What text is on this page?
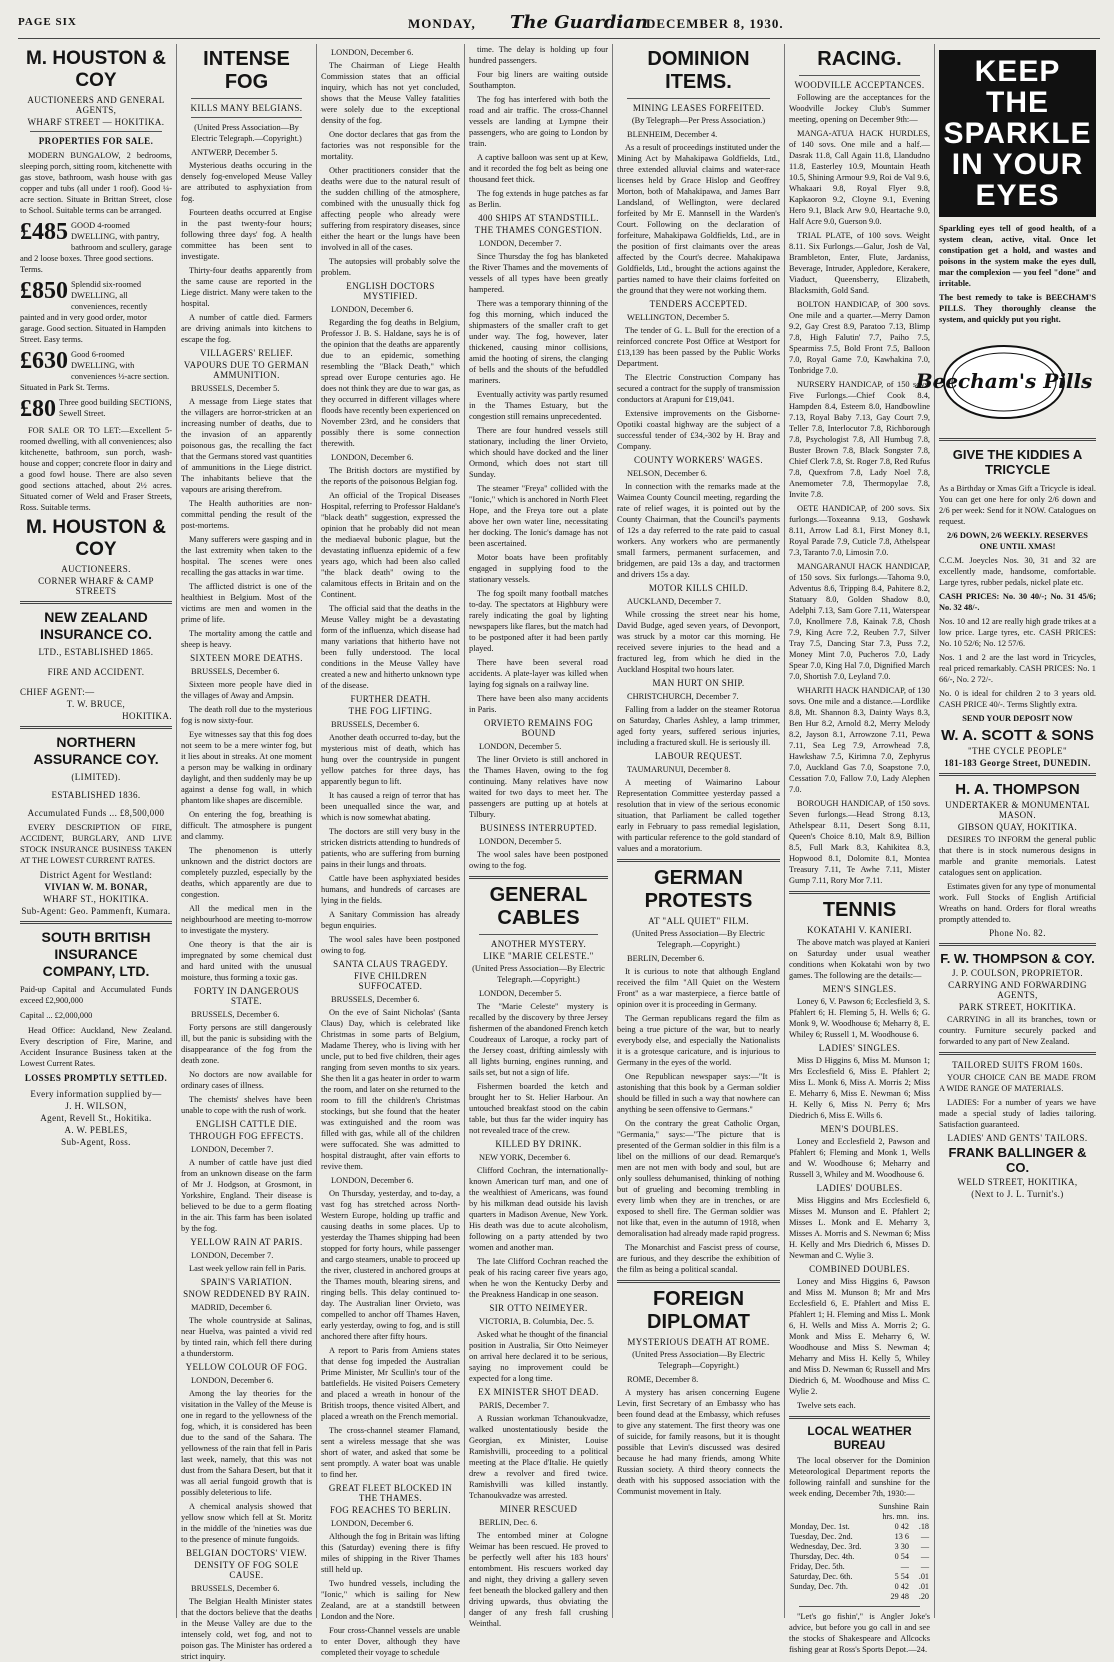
PAGE SIX	MONDAY, The Guardian
DECEMBER 8, 1930.
M. HOUSTON & COY
AUCTIONEERS AND GENERAL AGENTS,
WHARF STREET — HOKITIKA.
PROPERTIES FOR SALE.

MODERN BUNGALOW, 2 bedrooms, sleeping porch, sitting room, kitchenette with gas stove, bathroom, wash house with gas copper and tubs (all under 1 roof). Good ¼-acre section. Situate in Brittan Street, close to School. Suitable terms can be arranged.

£485 GOOD 4-roomed DWELLING, with pantry, bathroom and scullery, garage and 2 loose boxes. Three good sections. Terms.
£850 Splendid six-roomed DWELLING, all conveniences, recently painted and in very good order, motor garage. Good section. Situated in Hampden Street. Easy terms.
£630 Good 6-roomed DWELLING, with conveniences ½-acre section. Situated in Park St. Terms.
£80 Three good building SECTIONS, Sewell Street.

FOR SALE OR TO LET:—Excellent 5-roomed dwelling, with all conveniences; also kitchenette, bathroom, sun porch, wash-house and copper; concrete floor in dairy and a good fowl house. There are also seven good sections attached, about 2½ acres. Situated corner of Weld and Fraser Streets, Ross. Suitable terms.

M. HOUSTON & COY
AUCTIONEERS.
CORNER WHARF & CAMP STREETS
NEW ZEALAND INSURANCE CO.
LTD., ESTABLISHED 1865.
FIRE AND ACCIDENT.
CHIEF AGENT:—
T. W. BRUCE,
HOKITIKA.
NORTHERN ASSURANCE COY.
(LIMITED).
ESTABLISHED 1836.
Accumulated Funds ... £8,500,000

EVERY DESCRIPTION OF FIRE, ACCIDENT, BURGLARY, AND LIVE STOCK INSURANCE BUSINESS TAKEN AT THE LOWEST CURRENT RATES.

District Agent for Westland:
VIVIAN W. M. BONAR,
WHARF ST., HOKITIKA.
Sub-Agent: Geo. Pammenft, Kumara.
SOUTH BRITISH INSURANCE COMPANY, LTD.

Paid-up Capital and Accumulated Funds exceed £2,900,000

Capital ... £2,000,000

Head Office: Auckland, New Zealand. Every description of Fire, Marine, and Accident Insurance Business taken at the Lowest Current Rates.

LOSSES PROMPTLY SETTLED.
Every information supplied by—
J. H. WILSON,
Agent, Revell St., Hokitika.
A. W. PEBLES,
Sub-Agent, Ross.
INTENSE FOG
KILLS MANY BELGIANS.

(United Press Association—By Electric Telegraph.—Copyright.)

ANTWERP, December 5.

Mysterious deaths occuring in the densely fog-enveloped Meuse Valley are attributed to asphyxiation from fog.

Fourteen deaths occurred at Engise in the past twenty-four hours; following three days' fog. A health committee has been sent to investigate.

Thirty-four deaths apparently from the same cause are reported in the Liege district. Many were taken to the hospital.

A number of cattle died. Farmers are driving animals into kitchens to escape the fog.

VILLAGERS' RELIEF.
VAPOURS DUE TO GERMAN AMMUNITION.
BRUSSELS, December 5.

A message from Liege states that the villagers are horror-stricken at an increasing number of deaths, due to the invasion of an apparently poisonous gas, the recalling the fact that the Germans stored vast quantities of ammunitions in the Liege district. The inhabitants believe that the vapours are arising therefrom.

The Health authorities are non-committal pending the result of the post-mortems.

Many sufferers were gasping and in the last extremity when taken to the hospital. The scenes were ones recalling the gas attacks in war time.

The afflicted district is one of the healthiest in Belgium. Most of the victims are men and women in the prime of life.

The mortality among the cattle and sheep is heavy.

SIXTEEN MORE DEATHS.
BRUSSELS, December 6.

Sixteen more people have died in the villages of Away and Ampsin.

The death roll due to the mysterious fog is now sixty-four.

Eye witnesses say that this fog does not seem to be a mere winter fog, but it lies about in streaks. At one moment a person may be walking in ordinary daylight, and then suddenly may be up against a dense fog wall, in which phantom like shapes are discernible.

On entering the fog, breathing is difficult. The atmosphere is pungent and clammy.

The phenomenon is utterly unknown and the district doctors are completely puzzled, especially by the deaths, which apparently are due to congestion.

All the medical men in the neighbourhood are meeting to-morrow to investigate the mystery.

One theory is that the air is impregnated by some chemical dust and hard united with the unusual moisture, thus forming a toxic gas.

FORTY IN DANGEROUS STATE.
BRUSSELS, December 6.

Forty persons are still dangerously ill, but the panic is subsiding with the disappearance of the fog from the death zone.

No doctors are now available for ordinary cases of illness.

The chemists' shelves have been unable to cope with the rush of work.

ENGLISH CATTLE DIE.
THROUGH FOG EFFECTS.
LONDON, December 7.

A number of cattle have just died from an unknown disease on the farm of Mr J. Hodgson, at Grosmont, in Yorkshire, England. Their disease is believed to be due to a germ floating in the air. This farm has been isolated by the fog.

YELLOW RAIN AT PARIS.
LONDON, December 7.

Last week yellow rain fell in Paris.

SPAIN'S VARIATION.
SNOW REDDENED BY RAIN.
MADRID, December 6.

The whole countryside at Salinas, near Huelva, was painted a vivid red by tinted rain, which fell there during a thunderstorm.

YELLOW COLOUR OF FOG.
LONDON, December 6.

Among the lay theories for the visitation in the Valley of the Meuse is one in regard to the yellowness of the fog, which, it is considered has been due to the sand of the Sahara. The yellowness of the rain that fell in Paris last week, namely, that this was not dust from the Sahara Desert, but that it was all aerial fungoid growth that is possibly deleterious to life.

A chemical analysis showed that yellow snow which fell at St. Moritz in the middle of the 'nineties was due to the presence of minute fungoids.

BELGIAN DOCTORS' VIEW.
DENSITY OF FOG SOLE CAUSE.
BRUSSELS, December 6.

The Belgian Health Minister states that the doctors believe that the deaths in the Meuse Valley are due to the intensely cold, wet fog, and not to poison gas. The Minister has ordered a strict inquiry.

LONDON, December 6.

The Chairman of Liege Health Commission states that an official inquiry, which has not yet concluded, shows that the Meuse Valley fatalities were solely due to the exceptional density of the fog.

One doctor declares that gas from the factories was not responsible for the mortality.

Other practitioners consider that the deaths were due to the natural result of the sudden chilling of the atmosphere, combined with the unusually thick fog affecting people who already were suffering from respiratory diseases, since either the heart or the lungs have been involved in all of the cases.

The autopsies will probably solve the problem.

ENGLISH DOCTORS MYSTIFIED.
LONDON, December 6.

Regarding the fog deaths in Belgium, Professor J. B. S. Haldane, says he is of the opinion that the deaths are apparently due to an epidemic, something resembling the "Black Death," which spread over Europe centuries ago. He does not think they are due to war gas, as they occurred in different villages where floods have recently been experienced on November 23rd, and he considers that possibly there is some connection therewith.

LONDON, December 6.

The British doctors are mystified by the reports of the poisonous Belgian fog.

An official of the Tropical Diseases Hospital, referring to Professor Haldane's "black death" suggestion, expressed the opinion that he probably did not mean the mediaeval bubonic plague, but the devastating influenza epidemic of a few years ago, which had been also called "the black death" owing to the calamitous effects in Britain and on the Continent.

The official said that the deaths in the Meuse Valley might be a devastating form of the influenza, which disease had many variations that hitherto have not been fully understood. The local conditions in the Meuse Valley have created a new and hitherto unknown type of the disease.

FURTHER DEATH.
THE FOG LIFTING.
BRUSSELS, December 6.

Another death occurred to-day, but the mysterious mist of death, which has hung over the countryside in pungent yellow patches for three days, has apparently begun to lift.

It has caused a reign of terror that has been unequalled since the war, and which is now somewhat abating.

The doctors are still very busy in the stricken districts attending to hundreds of patients, who are suffering from burning pains in their lungs and throats.

Cattle have been asphyxiated besides humans, and hundreds of carcases are lying in the fields.

A Sanitary Commission has already begun enquiries.

The wool sales have been postponed owing to fog.

SANTA CLAUS TRAGEDY.
FIVE CHILDREN SUFFOCATED.
BRUSSELS, December 6.

On the eve of Saint Nicholas' (Santa Claus) Day, which is celebrated like Christmas in some parts of Belgium, Madame Therey, who is living with her uncle, put to bed five children, their ages ranging from seven months to six years. She then lit a gas heater in order to warm the room, and later on she returned to the room to fill the children's Christmas stockings, but she found that the heater was extinguished and the room was filled with gas, while all of the children were suffocated. She was admitted to hospital distraught, after vain efforts to revive them.

LONDON, December 6.

On Thursday, yesterday, and to-day, a vast fog has stretched across North-Western Europe, holding up traffic and causing deaths in some places. Up to yesterday the Thames shipping had been stopped for forty hours, while passenger and cargo steamers, unable to proceed up the river, clustered in anchored groups at the Thames mouth, blearing sirens, and ringing bells. This delay continued to-day. The Australian liner Orvieto, was compelled to anchor off Thames Haven, early yesterday, owing to fog, and is still anchored there after fifty hours.

A report to Paris from Amiens states that dense fog impeded the Australian Prime Minister, Mr Scullin's tour of the battlefields. He visited Poisers Cemetery and placed a wreath in honour of the British troops, thence visited Albert, and placed a wreath on the French memorial.

The cross-channel steamer Flamand, sent a wireless message that she was short of water, and asked that some be sent promptly. A water boat was unable to find her.

GREAT FLEET BLOCKED IN THE THAMES.
FOG REACHES TO BERLIN.
LONDON, December 6.

Although the fog in Britain was lifting this (Saturday) evening there is fifty miles of shipping in the River Thames still held up.

Two hundred vessels, including the "Ionic," which is sailing for New Zealand, are at a standstill between London and the Nore.

Four cross-Channel vessels are unable to enter Dover, although they have completed their voyage to schedule

time. The delay is holding up four hundred passengers.

Four big liners are waiting outside Southampton.

The fog has interfered with both the road and air traffic. The cross-Channel vessels are landing at Lympne their passengers, who are going to London by train.

A captive balloon was sent up at Kew, and it recorded the fog belt as being one thousand feet thick.

The fog extends in huge patches as far as Berlin.

400 SHIPS AT STANDSTILL.
THE THAMES CONGESTION.
LONDON, December 7.

Since Thursday the fog has blanketed the River Thames and the movements of vessels of all types have been greatly hampered.

There was a temporary thinning of the fog this morning, which induced the shipmasters of the smaller craft to get under way. The fog, however, later thickened, causing minor collisions, amid the hooting of sirens, the clanging of bells and the shouts of the befuddled mariners.

Eventually activity was partly resumed in the Thames Estuary, but the congestion still remains unprecedented.

There are four hundred vessels still stationary, including the liner Orvieto, which should have docked and the liner Ormond, which does not start till Sunday.

The steamer "Freya" collided with the "Ionic," which is anchored in North Fleet Hope, and the Freya tore out a plate above her own water line, necessitating her docking. The Ionic's damage has not been ascertained.

Motor boats have been profitably engaged in supplying food to the stationary vessels.

The fog spoilt many football matches to-day. The spectators at Highbury were rarely indicating the goal by lighting newspapers like flares, but the match had to be postponed after it had been partly played.

There have been several road accidents. A plate-layer was killed when laying fog signals on a railway line.

There have been also many accidents in Paris.

ORVIETO REMAINS FOG BOUND
LONDON, December 5.

The liner Orvieto is still anchored in the Thames Haven, owing to the fog continuing. Many relatives have now waited for two days to meet her. The passengers are putting up at hotels at Tilbury.

BUSINESS INTERRUPTED.
LONDON, December 5.

The wool sales have been postponed owing to the fog.

GENERAL CABLES
ANOTHER MYSTERY.
LIKE "MARIE CELESTE."

(United Press Association—By Electric Telegraph.—Copyright.)

LONDON, December 5.

The "Marie Celeste" mystery is recalled by the discovery by three Jersey fishermen of the abandoned French ketch Coudreaux of Laroque, a rocky part of the Jersey coast, drifting aimlessly with all lights burning, engines running, and sails set, but not a sign of life.

Fishermen boarded the ketch and brought her to St. Helier Harbour. An untouched breakfast stood on the cabin table, but thus far the wider inquiry has not revealed trace of the crew.

KILLED BY DRINK.
NEW YORK, December 6.

Clifford Cochran, the internationally-known American turf man, and one of the wealthiest of Americans, was found by his milkman dead outside his lavish quarters in Madison Avenue, New York. His death was due to acute alcoholism, following on a party attended by two women and another man.

The late Clifford Cochran reached the peak of his racing career five years ago, when he won the Kentucky Derby and the Preakness Handicap in one season.

SIR OTTO NEIMEYER.
VICTORIA, B. Columbia, Dec. 5.

Asked what he thought of the financial position in Australia, Sir Otto Neimeyer on arrival here declared it to be serious, saying no improvement could be expected for a long time.

EX MINISTER SHOT DEAD.
PARIS, December 7.

A Russian workman Tchanoukvadze, walked unostentatiously beside the Georgian, ex Minister, Louise Ramishvilli, proceeding to a political meeting at the Place d'Italie. He quietly drew a revolver and fired twice. Ramishvilli was killed instantly. Tchanoukvadze was arrested.

MINER RESCUED
BERLIN, Dec. 6.

The entombed miner at Cologne Weimar has been rescued. He proved to be perfectly well after his 183 hours' entombment. His rescuers worked day and night, they driving a gallery seven feet beneath the blocked gallery and then driving upwards, thus obviating the danger of any fresh fall crushing Weinthal.

DOMINION ITEMS.
MINING LEASES FORFEITED.

(By Telegraph—Per Press Association.)

BLENHEIM, December 4.

As a result of proceedings instituted under the Mining Act by Mahakipawa Goldfields, Ltd., three extended alluvial claims and water-race licenses held by Grace Hislop and Geoffrey Morton, both of Mahakipawa, and James Barr Landsland, of Wellington, were declared forfeited by Mr E. Mannsell in the Warden's Court. Following on the declaration of forfeiture, Mahakipawa Goldfields, Ltd., are in the position of first claimants over the areas affected by the Court's decree. Mahakipawa Goldfields, Ltd., brought the actions against the parties named to have their claims forfeited on the ground that they were not working them.

TENDERS ACCEPTED.
WELLINGTON, December 5.

The tender of G. L. Bull for the erection of a reinforced concrete Post Office at Westport for £13,139 has been passed by the Public Works Department.

The Electric Construction Company has secured a contract for the supply of transmission conductors at Arapuni for £19,041.

Extensive improvements on the Gisborne-Opotiki coastal highway are the subject of a successful tender of £34,-302 by H. Bray and Company.

COUNTY WORKERS' WAGES.
NELSON, December 6.

In connection with the remarks made at the Waimea County Council meeting, regarding the rate of relief wages, it is pointed out by the County Chairman, that the Council's payments of 12s a day referred to the rate paid to casual workers. Any workers who are permanently small farmers, permanent surfacemen, and bridgemen, are paid 13s a day, and tractormen and drivers 15s a day.

MOTOR KILLS CHILD.
AUCKLAND, December 7.

While crossing the street near his home, David Budge, aged seven years, of Devonport, was struck by a motor car this morning. He received severe injuries to the head and a fractured leg, from which he died in the Auckland Hospital two hours later.

MAN HURT ON SHIP.
CHRISTCHURCH, December 7.

Falling from a ladder on the steamer Rotorua on Saturday, Charles Ashley, a lamp trimmer, aged forty years, suffered serious injuries, including a fractured skull. He is seriously ill.

LABOUR REQUEST.
TAUMARUNUI, December 8.

A meeting of Waimarino Labour Representation Committee yesterday passed a resolution that in view of the serious economic situation, that Parliament be called together early in February to pass remedial legislation, with particular reference to the gold standard of values and a moratorium.

GERMAN PROTESTS
AT "ALL QUIET" FILM.

(United Press Association—By Electric Telegraph.—Copyright.)

BERLIN, December 6.

It is curious to note that although England received the film "All Quiet on the Western Front" as a war masterpiece, a fierce battle of opinion over it is proceeding in Germany.

The German republicans regard the film as being a true picture of the war, but to nearly everybody else, and especially the Nationalists it is a grotesque caricature, and is injurious to Germany in the eyes of the world.

One Republican newspaper says:—"It is astonishing that this book by a German soldier should be filled in such a way that nowhere can anything be seen offensive to Germans."

On the contrary the great Catholic Organ, "Germania," says:—"The picture that is presented of the German soldier in this film is a libel on the millions of our dead. Remarque's men are not men with body and soul, but are only soulless dehumanised, thinking of nothing but of grueling and becoming trembling in every limb when they are in trenches, or are exposed to shell fire. The German soldier was not like that, even in the autumn of 1918, when demoralisation had already made rapid progress.

The Monarchist and Fascist press of course, are furious, and they describe the exhibition of the film as being a political scandal.

FOREIGN DIPLOMAT
MYSTERIOUS DEATH AT ROME.

(United Press Association—By Electric Telegraph—Copyright.)

ROME, December 8.

A mystery has arisen concerning Eugene Levin, first Secretary of an Embassy who has been found dead at the Embassy, which refuses to give any statement. The first theory was one of suicide, for family reasons, but it is thought possible that Levin's discussed was desired because he had many friends, among White Russian society. A third theory connects the death with his supposed association with the Communist movement in Italy.

RACING.
WOODVILLE ACCEPTANCES.

Following are the acceptances for the Woodville Jockey Club's Summer meeting, opening on December 9th:—

MANGA-ATUA HACK HURDLES, of 140 sovs. One mile and a half.—Dasrak 11.8, Call Again 11.8, Llandudno 11.8, Easterley 10.9, Mountain Heath 10.5, Shining Armour 9.9, Roi de Val 9.6, Whakaari 9.8, Royal Flyer 9.8, Kapkaoron 9.2, Cloyne 9.1, Evening Hero 9.1, Black Arw 9.0, Heartache 9.0, Half Acre 9.0, Guerson 9.0.

TRIAL PLATE, of 100 sovs. Weight 8.11. Six Furlongs.—Galur, Josh de Val, Brambleton, Enter, Flute, Jardaniss, Beverage, Intruder, Appledore, Kerakere, Viaduct, Queensberry, Elizabeth, Blacksmith, Gold Sand.

BOLTON HANDICAP, of 300 sovs. One mile and a quarter.—Merry Damon 9.2, Gay Crest 8.9, Paratoo 7.13, Blimp 7.8, High Falutin' 7.7, Paiho 7.5, Spearmiss 7.5, Bold Front 7.5, Balloon 7.0, Royal Game 7.0, Kawhakina 7.0, Tonbridge 7.0.

NURSERY HANDICAP, of 150 sovs. Five Furlongs.—Chief Cook 8.4, Hampden 8.4, Esteem 8.0, Handbowline 7.13, Royal Baby 7.13, Gay Court 7.9, Teller 7.8, Interlocutor 7.8, Richborough 7.8, Psychologist 7.8, All Humbug 7.8, Buster Brown 7.8, Black Songster 7.8, Chief Clerk 7.8, St. Roger 7.8, Red Rufus 7.8, Quexfrom 7.8, Lady Noel 7.8, Anemometer 7.8, Thermopylae 7.8, Invite 7.8.

OETE HANDICAP, of 200 sovs. Six furlongs.—Toxeanna 9.13, Goshawk 8.11, Arrow Lad 8.1, First Money 8.1, Royal Parade 7.9, Cuticle 7.8, Athelspear 7.3, Taranto 7.0, Limosin 7.0.

MANGARANUI HACK HANDICAP, of 150 sovs. Six furlongs.—Tahoma 9.0, Adventus 8.6, Tripping 8.4, Pahitere 8.2, Statuary 8.0, Golden Shadow 8.0, Adelphi 7.13, Sam Gore 7.11, Waterspear 7.0, Knollmere 7.8, Kainak 7.8, Chosh 7.9, King Acre 7.2, Reuben 7.7, Silver Tray 7.5, Dancing Star 7.3, Puss 7.2, Money Mint 7.0, Pucheros 7.0, Lady Spear 7.0, King Hal 7.0, Dignified March 7.0, Shortish 7.0, Leyland 7.0.

WHARITI HACK HANDICAP, of 130 sovs. One mile and a distance.—Lordlike 8.8, Mt. Shannon 8.3, Dainty Ways 8.3, Ben Hur 8.2, Arnold 8.2, Merry Melody 8.2, Jayson 8.1, Arrowzone 7.11, Pewa 7.11, Sea Leg 7.9, Arrowhead 7.8, Hawkshaw 7.5, Kirimna 7.0, Zephyrus 7.0, Auckland Gas 7.0, Soapstone 7.0, Cessation 7.0, Fallow 7.0, Lady Alephen 7.0.

BOROUGH HANDICAP, of 150 sovs. Seven furlongs.—Head Strong 8.13, Athelspear 8.11, Desert Song 8.11, Queen's Choice 8.10, Malt 8.9, Billion 8.5, Full Mark 8.3, Kahikitea 8.3, Hopwood 8.1, Dolomite 8.1, Montea Treasury 7.11, Te Awhe 7.11, Mister Gump 7.11, Rory Mor 7.11.

TENNIS
KOKATAHI V. KANIERI.

The above match was played at Kanieri on Saturday under usual weather conditions when Kokatahi won by two games. The following are the details:—

MEN'S SINGLES.

Loney 6, V. Pawson 6; Ecclesfield 3, S. Pfahlert 6; H. Fleming 5, H. Wells 6; G. Monk 9, W. Woodhouse 6; Meharry 8, E. Whiley 6; Russell 1, M. Woodhouse 6.

LADIES' SINGLES.

Miss D Higgins 6, Miss M. Munson 1; Mrs Ecclesfield 6, Miss E. Pfahlert 2; Miss L. Monk 6, Miss A. Morris 2; Miss E. Meharry 6, Miss E. Newman 6; Miss H. Kelly 6, Miss N. Perry 6; Mrs Diedrich 6, Miss E. Wills 6.

MEN'S DOUBLES.

Loney and Ecclesfield 2, Pawson and Pfahlert 6; Fleming and Monk 1, Wells and W. Woodhouse 6; Meharry and Russell 3, Whiley and M. Woodhouse 6.

LADIES' DOUBLES.

Miss Higgins and Mrs Ecclesfield 6, Misses M. Munson and E. Pfahlert 2; Misses L. Monk and E. Meharry 3, Misses A. Morris and S. Newman 6; Miss H. Kelly and Mrs Diedrich 6, Misses D. Newman and C. Wylie 3.

COMBINED DOUBLES.

Loney and Miss Higgins 6, Pawson and Miss M. Munson 8; Mr and Mrs Ecclesfield 6, E. Pfahlert and Miss E. Pfahlert 1; H. Fleming and Miss L. Monk 6, H. Wells and Miss A. Morris 2; G. Monk and Miss E. Meharry 6, W. Woodhouse and Miss S. Newman 4; Meharry and Miss H. Kelly 5, Whiley and Miss D. Newman 6; Russell and Mrs Diedrich 6, M. Woodhouse and Miss C. Wylie 2.

Twelve sets each.

LOCAL WEATHER BUREAU

The local observer for the Dominion Meteorological Department reports the following rainfall and sunshine for the week ending, December 7th, 1930:—

	Sunshine	Rain
	hrs. mn.	ins.
Monday, Dec. 1st.	0 42	.18
Tuesday, Dec. 2nd.	13 6	—
Wednesday, Dec. 3rd.	3 30	—
Thursday, Dec. 4th.	0 54	—
Friday, Dec. 5th.	—	—
Saturday, Dec. 6th.	5 54	.01
Sunday, Dec. 7th.	0 42	.01
	29 48	.20

"Let's go fishin'," is Angler Joke's advice, but before you go call in and see the stocks of Shakespeare and Allcocks fishing gear at Ross's Sports Depot.—24.

KEEP THE SPARKLE IN YOUR EYES

Sparkling eyes tell of good health, of a system clean, active, vital. Once let constipation get a hold, and wastes and poisons in the system make the eyes dull, mar the complexion — you feel "done" and irritable.

The best remedy to take is BEECHAM'S PILLS. They thoroughly cleanse the system, and quickly put you right.

Beecham's Pills
GIVE THE KIDDIES A TRICYCLE

As a Birthday or Xmas Gift a Tricycle is ideal. You can get one here for only 2/6 down and 2/6 per week: Send for it NOW. Catalogues on request.

2/6 DOWN, 2/6 WEEKLY. RESERVES ONE UNTIL XMAS!

C.C.M. Joeycles Nos. 30, 31 and 32 are excellently made, handsome, comfortable. Large tyres, rubber pedals, nickel plate etc.

CASH PRICES: No. 30 40/-; No. 31 45/6; No. 32 48/-.

Nos. 10 and 12 are really high grade trikes at a low price. Large tyres, etc. CASH PRICES: No. 10 52/6; No. 12 57/6.

Nos. 1 and 2 are the last word in Tricycles, real priced remarkably. CASH PRICES: No. 1 66/-, No. 2 72/-.

No. 0 is ideal for children 2 to 3 years old. CASH PRICE 40/-. Terms Slightly extra.

SEND YOUR DEPOSIT NOW

W. A. SCOTT & SONS
"THE CYCLE PEOPLE"
181-183 George Street, DUNEDIN.
H. A. THOMPSON
UNDERTAKER & MONUMENTAL MASON.
GIBSON QUAY, HOKITIKA.

DESIRES TO INFORM the general public that there is in stock numerous designs in marble and granite memorials. Latest catalogues sent on application.

Estimates given for any type of monumental work. Full Stocks of English Artificial Wreaths on hand. Orders for floral wreaths promptly attended to.

Phone No. 82.
F. W. THOMPSON & COY.
J. P. COULSON, PROPRIETOR.
CARRYING AND FORWARDING AGENTS,
PARK STREET, HOKITIKA.

CARRYING in all its branches, town or country. Furniture securely packed and forwarded to any part of New Zealand.

TAILORED SUITS FROM 160s.

YOUR CHOICE CAN BE MADE FROM A WIDE RANGE OF MATERIALS.

LADIES: For a number of years we have made a special study of ladies tailoring. Satisfaction guaranteed.

LADIES' AND GENTS' TAILORS.
FRANK BALLINGER & CO.
WELD STREET, HOKITIKA,
(Next to J. L. Turnit's.)
